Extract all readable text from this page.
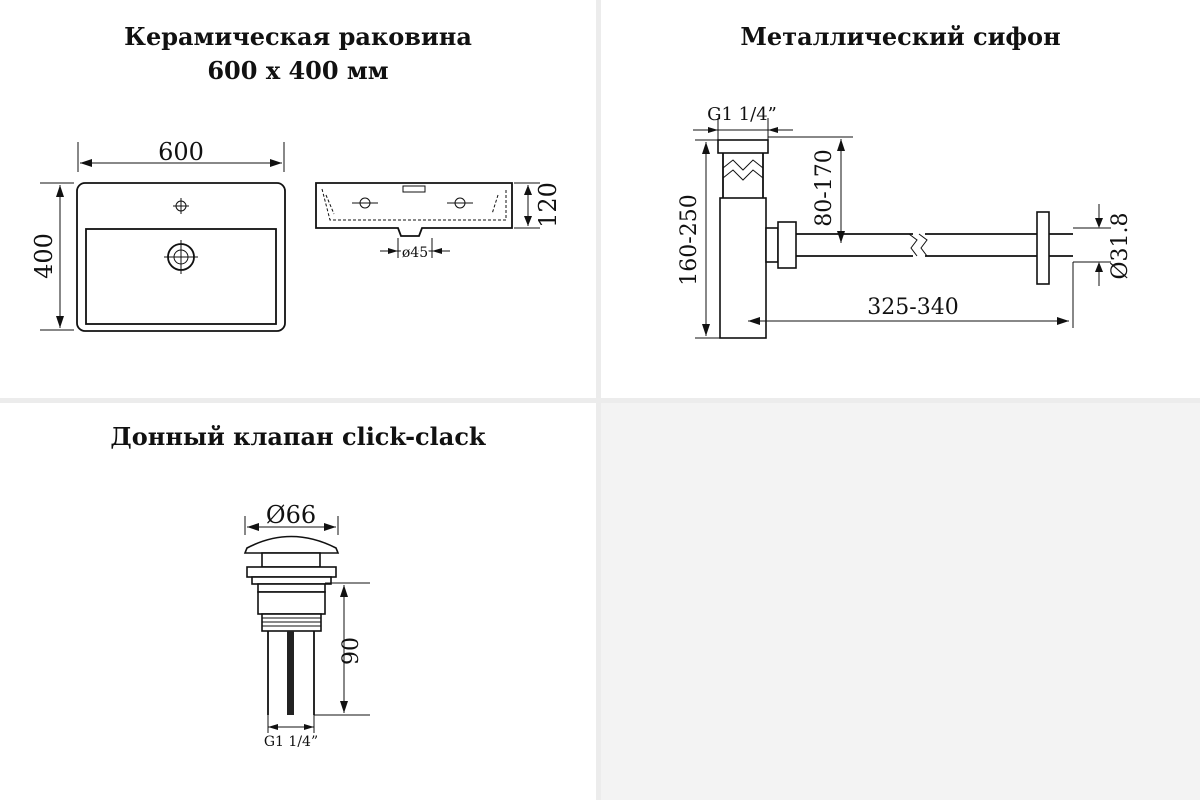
Керамическая раковина
600 x 400 мм
600
400
120
ø45
Металлический сифон
G1 1/4”
Ø31.8
160-250
80-170
325-340
Донный клапан click-clack
Ø66
90
G1 1/4”
